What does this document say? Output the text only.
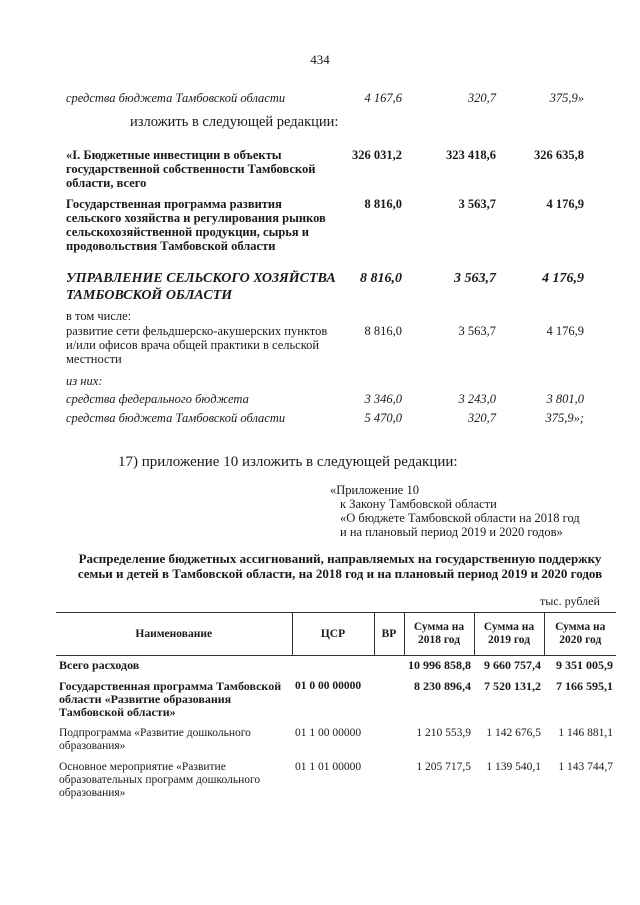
434
средства бюджета Тамбовской области	4 167,6	320,7	375,9»
изложить в следующей редакции:
«I. Бюджетные инвестиции в объекты государственной собственности Тамбовской области, всего
326 031,2	323 418,6	326 635,8
Государственная программа развития сельского хозяйства и регулирования рынков сельскохозяйственной продукции, сырья и продовольствия Тамбовской области
8 816,0	3 563,7	4 176,9
УПРАВЛЕНИЕ СЕЛЬСКОГО ХОЗЯЙСТВА ТАМБОВСКОЙ ОБЛАСТИ
8 816,0	3 563,7	4 176,9
в том числе:
развитие сети фельдшерско-акушерских пунктов и/или офисов врача общей практики в сельской местности
8 816,0	3 563,7	4 176,9
из них:
средства федерального бюджета	3 346,0	3 243,0	3 801,0
средства бюджета Тамбовской области	5 470,0	320,7	375,9»;
17) приложение 10 изложить в следующей редакции:
«Приложение 10
к Закону Тамбовской области
«О бюджете Тамбовской области на 2018 год
и на плановый период 2019 и 2020 годов»
Распределение бюджетных ассигнований, направляемых на государственную поддержку семьи и детей в Тамбовской области, на 2018 год и на плановый период 2019 и 2020 годов
тыс. рублей
Наименование	ЦСР	ВР	Сумма на 2018 год	Сумма на 2019 год	Сумма на 2020 год
Всего расходов			10 996 858,8	9 660 757,4	9 351 005,9
Государственная программа Тамбовской области «Развитие образования Тамбовской области»	01 0 00 00000		8 230 896,4	7 520 131,2	7 166 595,1
Подпрограмма «Развитие дошкольного образования»	01 1 00 00000		1 210 553,9	1 142 676,5	1 146 881,1
Основное мероприятие «Развитие образовательных программ дошкольного образования»	01 1 01 00000		1 205 717,5	1 139 540,1	1 143 744,7
